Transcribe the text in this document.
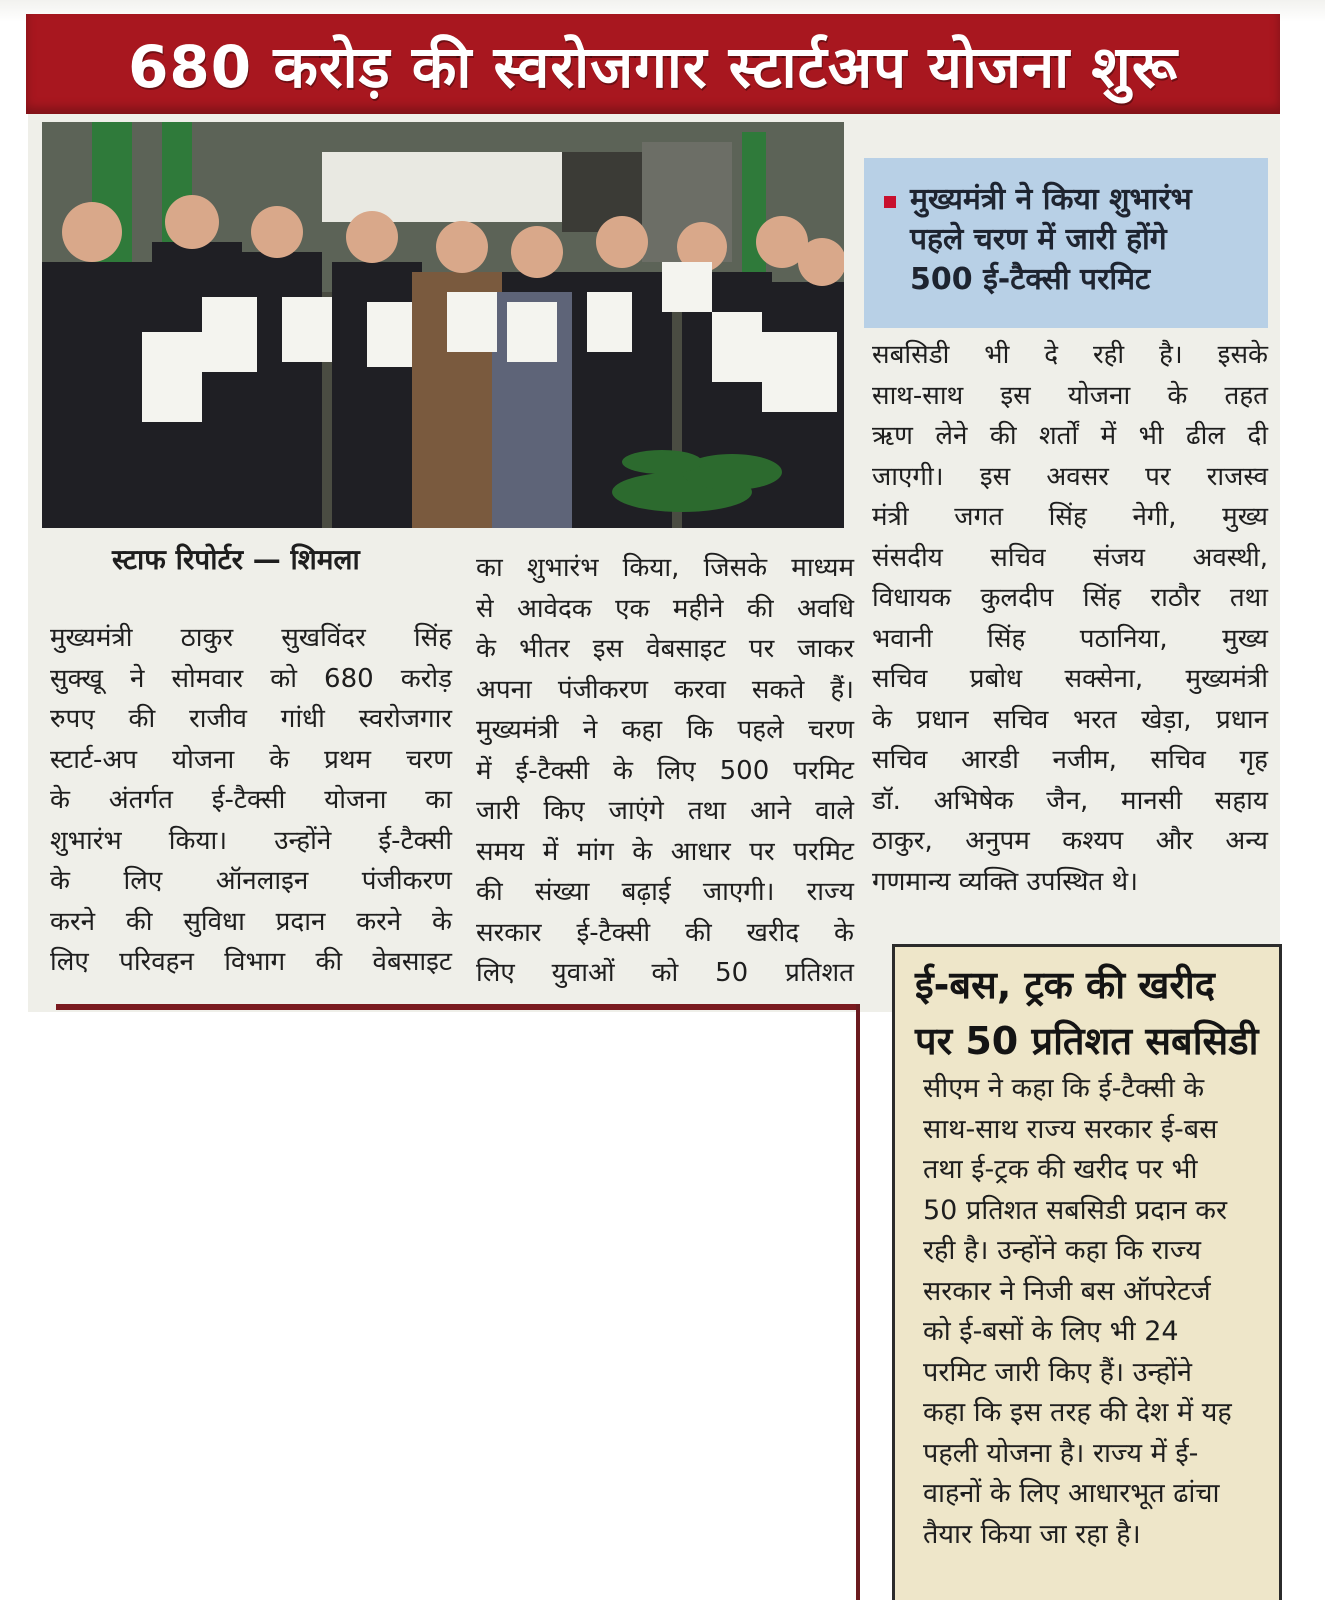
680 करोड़ की स्वरोजगार स्टार्टअप योजना शुरू
मुख्यमंत्री ने किया शुभारंभ
पहले चरण में जारी होंगे
500 ई-टैक्सी परमिट
स्टाफ रिपोर्टर — शिमला

मुख्यमंत्री ठाकुर सुखविंदर सिंह

सुक्खू ने सोमवार को 680 करोड़

रुपए की राजीव गांधी स्वरोजगार

स्टार्ट-अप योजना के प्रथम चरण

के अंतर्गत ई-टैक्सी योजना का

शुभारंभ किया। उन्होंने ई-टैक्सी

के लिए ऑनलाइन पंजीकरण

करने की सुविधा प्रदान करने के

लिए परिवहन विभाग की वेबसाइट

का शुभारंभ किया, जिसके माध्यम

से आवेदक एक महीने की अवधि

के भीतर इस वेबसाइट पर जाकर

अपना पंजीकरण करवा सकते हैं।

मुख्यमंत्री ने कहा कि पहले चरण

में ई-टैक्सी के लिए 500 परमिट

जारी किए जाएंगे तथा आने वाले

समय में मांग के आधार पर परमिट

की संख्या बढ़ाई जाएगी। राज्य

सरकार ई-टैक्सी की खरीद के

लिए युवाओं को 50 प्रतिशत

सबसिडी भी दे रही है। इसके

साथ-साथ इस योजना के तहत

ऋण लेने की शर्तों में भी ढील दी

जाएगी। इस अवसर पर राजस्व

मंत्री जगत सिंह नेगी, मुख्य

संसदीय सचिव संजय अवस्थी,

विधायक कुलदीप सिंह राठौर तथा

भवानी सिंह पठानिया, मुख्य

सचिव प्रबोध सक्सेना, मुख्यमंत्री

के प्रधान सचिव भरत खेड़ा, प्रधान

सचिव आरडी नजीम, सचिव गृह

डॉ. अभिषेक जैन, मानसी सहाय

ठाकुर, अनुपम कश्यप और अन्य

गणमान्य व्यक्ति उपस्थित थे।

ई-बस, ट्रक की खरीद
पर 50 प्रतिशत सबसिडी

सीएम ने कहा कि ई-टैक्सी के

साथ-साथ राज्य सरकार ई-बस

तथा ई-ट्रक की खरीद पर भी

50 प्रतिशत सबसिडी प्रदान कर

रही है। उन्होंने कहा कि राज्य

सरकार ने निजी बस ऑपरेटर्ज

को ई-बसों के लिए भी 24

परमिट जारी किए हैं। उन्होंने

कहा कि इस तरह की देश में यह

पहली योजना है। राज्य में ई-

वाहनों के लिए आधारभूत ढांचा

तैयार किया जा रहा है।
